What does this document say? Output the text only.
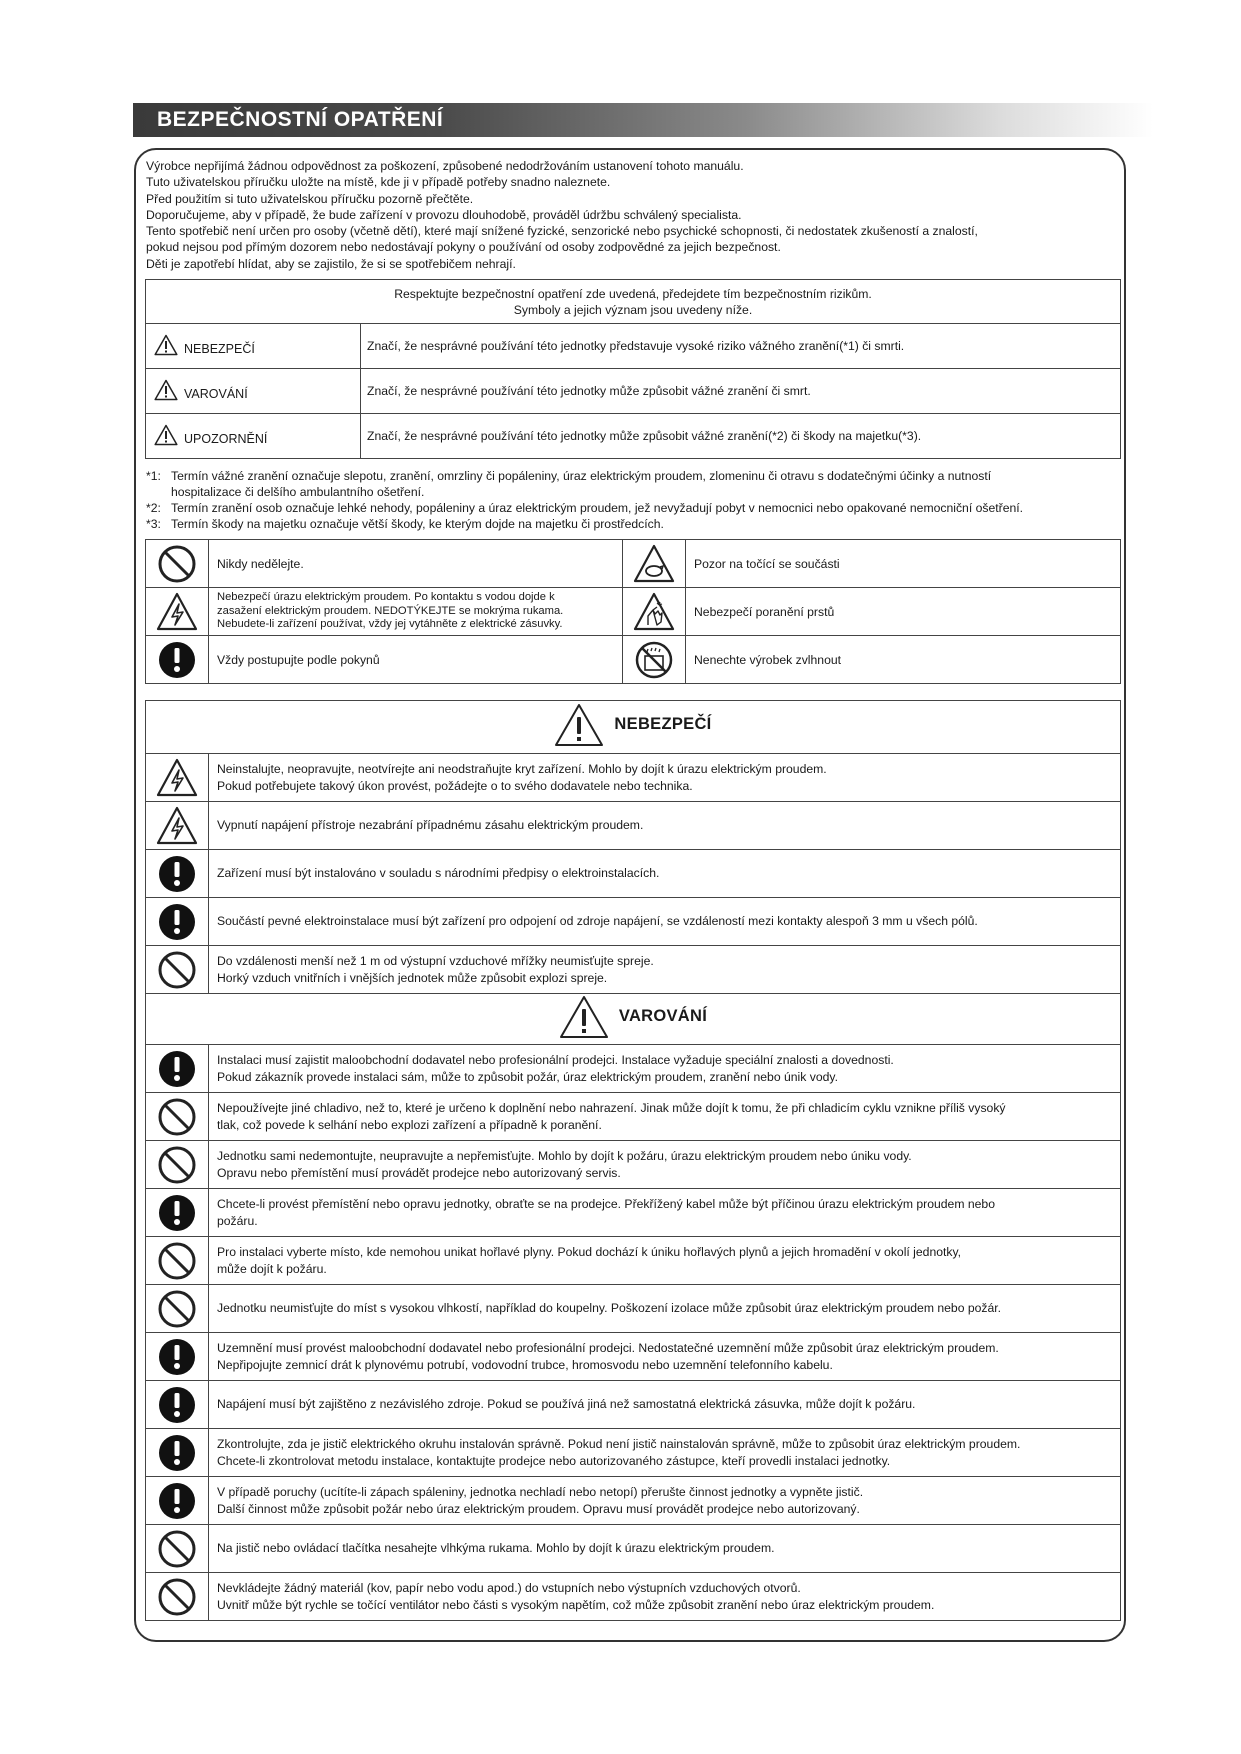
BEZPEČNOSTNÍ OPATŘENÍ
Výrobce nepřijímá žádnou odpovědnost za poškození, způsobené nedodržováním ustanovení tohoto manuálu.
Tuto uživatelskou příručku uložte na místě, kde ji v případě potřeby snadno naleznete.
Před použitím si tuto uživatelskou příručku pozorně přečtěte.
Doporučujeme, aby v případě, že bude zařízení v provozu dlouhodobě, prováděl údržbu schválený specialista.
Tento spotřebič není určen pro osoby (včetně dětí), které mají snížené fyzické, senzorické nebo psychické schopnosti, či nedostatek zkušeností a znalostí,
pokud nejsou pod přímým dozorem nebo nedostávají pokyny o používání od osoby zodpovědné za jejich bezpečnost.
Děti je zapotřebí hlídat, aby se zajistilo, že si se spotřebičem nehrají.
Respektujte bezpečnostní opatření zde uvedená, předejdete tím bezpečnostním rizikům.
Symboly a jejich význam jsou uvedeny níže.	

NEBEZPEČÍ	Značí, že nesprávné používání této jednotky představuje vysoké riziko vážného zranění(*1) či smrti.

VAROVÁNÍ	Značí, že nesprávné používání této jednotky může způsobit vážné zranění či smrt.

UPOZORNĚNÍ	Značí, že nesprávné používání této jednotky může způsobit vážné zranění(*2) či škody na majetku(*3).
*1: Termín vážné zranění označuje slepotu, zranění, omrzliny či popáleniny, úraz elektrickým proudem, zlomeninu či otravu s dodatečnými účinky a nutností
hospitalizace či delšího ambulantního ošetření.
*2: Termín zranění osob označuje lehké nehody, popáleniny a úraz elektrickým proudem, jež nevyžadují pobyt v nemocnici nebo opakované nemocniční ošetření.
*3: Termín škody na majetku označuje větší škody, ke kterým dojde na majetku či prostředcích.
	Nikdy nedělejte.		Pozor na točící se součásti

Nebezpečí úrazu elektrickým proudem. Po kontaktu s vodou dojde k
zasažení elektrickým proudem. NEDOTÝKEJTE se mokrýma rukama.
Nebudete-li zařízení používat, vždy jej vytáhněte z elektrické zásuvky.		Nebezpečí poranění prstů

	Vždy postupujte podle pokynů		Nenechte výrobek zvlhnout
NEBEZPEČÍ	

Neinstalujte, neopravujte, neotvírejte ani neodstraňujte kryt zařízení. Mohlo by dojít k úrazu elektrickým proudem.
Pokud potřebujete takový úkon provést, požádejte o to svého dodavatele nebo technika.

Vypnutí napájení přístroje nezabrání případnému zásahu elektrickým proudem.

Zařízení musí být instalováno v souladu s národními předpisy o elektroinstalacích.

Součástí pevné elektroinstalace musí být zařízení pro odpojení od zdroje napájení, se vzdáleností mezi kontakty alespoň 3 mm u všech pólů.

Do vzdálenosti menší než 1 m od výstupní vzduchové mřížky neumisťujte spreje.
Horký vzduch vnitřních i vnějších jednotek může způsobit explozi spreje.

VAROVÁNÍ	

Instalaci musí zajistit maloobchodní dodavatel nebo profesionální prodejci. Instalace vyžaduje speciální znalosti a dovednosti.
Pokud zákazník provede instalaci sám, může to způsobit požár, úraz elektrickým proudem, zranění nebo únik vody.

Nepoužívejte jiné chladivo, než to, které je určeno k doplnění nebo nahrazení. Jinak může dojít k tomu, že při chladicím cyklu vznikne příliš vysoký
tlak, což povede k selhání nebo explozi zařízení a případně k poranění.

Jednotku sami nedemontujte, neupravujte a nepřemisťujte. Mohlo by dojít k požáru, úrazu elektrickým proudem nebo úniku vody.
Opravu nebo přemístění musí provádět prodejce nebo autorizovaný servis.

Chcete-li provést přemístění nebo opravu jednotky, obraťte se na prodejce. Překřížený kabel může být příčinou úrazu elektrickým proudem nebo
požáru.

Pro instalaci vyberte místo, kde nemohou unikat hořlavé plyny. Pokud dochází k úniku hořlavých plynů a jejich hromadění v okolí jednotky,
může dojít k požáru.

Jednotku neumisťujte do míst s vysokou vlhkostí, například do koupelny. Poškození izolace může způsobit úraz elektrickým proudem nebo požár.

Uzemnění musí provést maloobchodní dodavatel nebo profesionální prodejci. Nedostatečné uzemnění může způsobit úraz elektrickým proudem.
Nepřipojujte zemnicí drát k plynovému potrubí, vodovodní trubce, hromosvodu nebo uzemnění telefonního kabelu.

Napájení musí být zajištěno z nezávislého zdroje. Pokud se používá jiná než samostatná elektrická zásuvka, může dojít k požáru.

Zkontrolujte, zda je jistič elektrického okruhu instalován správně. Pokud není jistič nainstalován správně, může to způsobit úraz elektrickým proudem.
Chcete-li zkontrolovat metodu instalace, kontaktujte prodejce nebo autorizovaného zástupce, kteří provedli instalaci jednotky.

V případě poruchy (ucítíte-li zápach spáleniny, jednotka nechladí nebo netopí) přerušte činnost jednotky a vypněte jistič.
Další činnost může způsobit požár nebo úraz elektrickým proudem. Opravu musí provádět prodejce nebo autorizovaný.

Na jistič nebo ovládací tlačítka nesahejte vlhkýma rukama. Mohlo by dojít k úrazu elektrickým proudem.

Nevkládejte žádný materiál (kov, papír nebo vodu apod.) do vstupních nebo výstupních vzduchových otvorů.
Uvnitř může být rychle se točící ventilátor nebo části s vysokým napětím, což může způsobit zranění nebo úraz elektrickým proudem.
